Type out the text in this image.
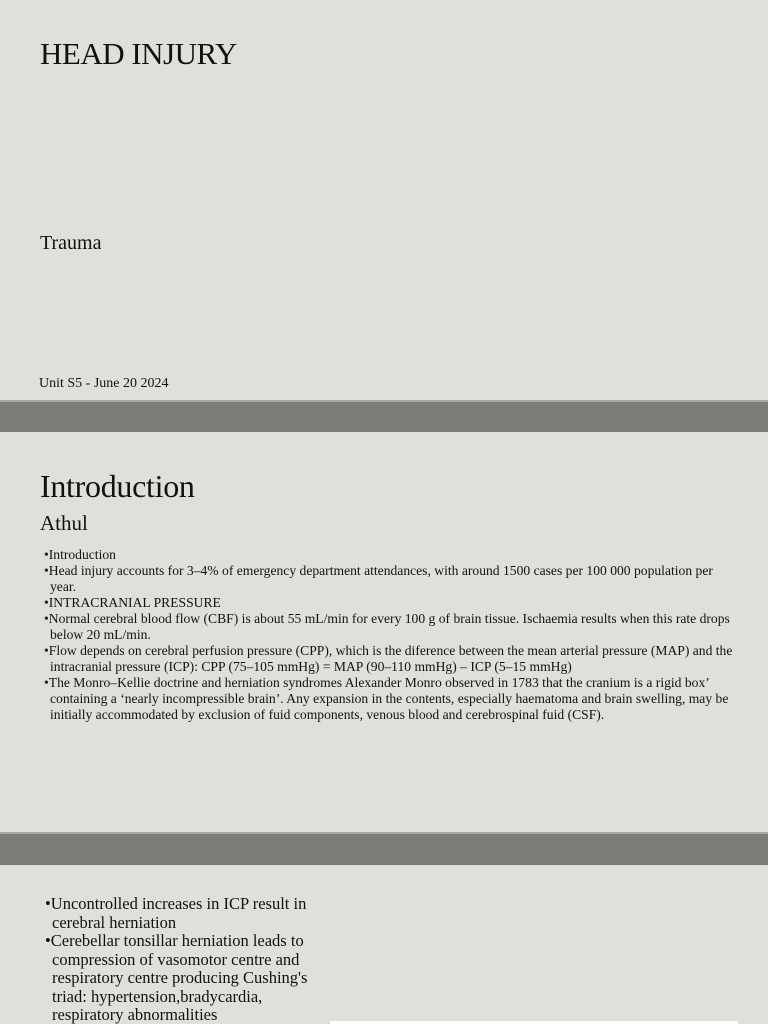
HEAD INJURY
Trauma
Unit S5 - June 20 2024
Introduction
Athul
•Introduction
•Head injury accounts for 3–4% of emergency department attendances, with around 1500 cases per 100 000 population per year.
•INTRACRANIAL PRESSURE
•Normal cerebral blood flow (CBF) is about 55 mL/min for every 100 g of brain tissue. Ischaemia results when this rate drops below 20 mL/min.
•Flow depends on cerebral perfusion pressure (CPP), which is the diference between the mean arterial pressure (MAP) and the intracranial pressure (ICP): CPP (75–105 mmHg) = MAP (90–110 mmHg) – ICP (5–15 mmHg)
•The Monro–Kellie doctrine and herniation syndromes Alexander Monro observed in 1783 that the cranium is a rigid box’ containing a ‘nearly incompressible brain’. Any expansion in the contents, especially haematoma and brain swelling, may be initially accommodated by exclusion of fuid components, venous blood and cerebrospinal fuid (CSF).
•Uncontrolled increases in ICP result in cerebral herniation
•Cerebellar tonsillar herniation leads to compression of vasomotor centre and respiratory centre producing Cushing's triad: hypertension,bradycardia, respiratory abnormalities
